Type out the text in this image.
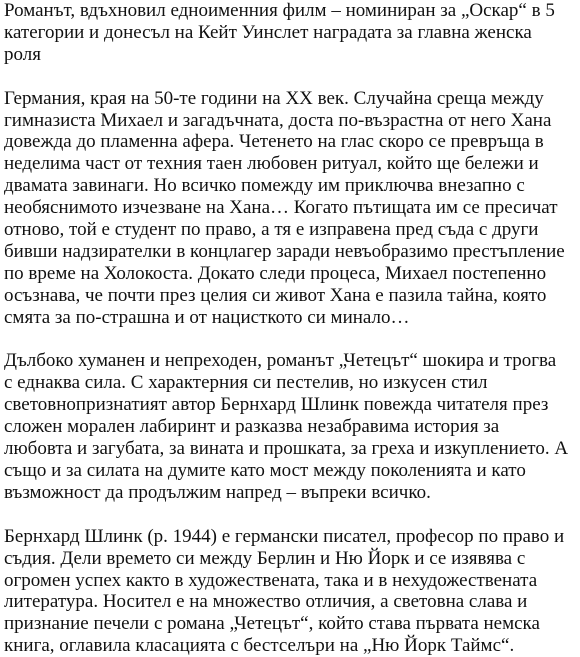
Романът, вдъхновил едноименния филм – номиниран за „Оскар“ в 5
категории и донесъл на Кейт Уинслет наградата за главна женска
роля
Германия, края на 50-те години на ХХ век. Случайна среща между
гимназиста Михаел и загадъчната, доста по-възрастна от него Хана
довежда до пламенна афера. Четенето на глас скоро се превръща в
неделима част от техния таен любовен ритуал, който ще бележи и
двамата завинаги. Но всичко помежду им приключва внезапно с
необяснимото изчезване на Хана… Когато пътищата им се пресичат
отново, той е студент по право, а тя е изправена пред съда с други
бивши надзирателки в концлагер заради невъобразимо престъпление
по време на Холокоста. Докато следи процеса, Михаел постепенно
осъзнава, че почти през целия си живот Хана е пазила тайна, която
смята за по-страшна и от нацисткото си минало…
Дълбоко хуманен и непреходен, романът „Четецът“ шокира и трогва
с еднаква сила. С характерния си пестелив, но изкусен стил
световнопризнатият автор Бернхард Шлинк повежда читателя през
сложен морален лабиринт и разказва незабравима история за
любовта и загубата, за вината и прошката, за греха и изкуплението. А
също и за силата на думите като мост между поколенията и като
възможност да продължим напред – въпреки всичко.
Бернхард Шлинк (р. 1944) е германски писател, професор по право и
съдия. Дели времето си между Берлин и Ню Йорк и се изявява с
огромен успех както в художествената, така и в нехудожествената
литература. Носител е на множество отличия, а световна слава и
признание печели с романа „Четецът“, който става първата немска
книга, оглавила класацията с бестселъри на „Ню Йорк Таймс“.
